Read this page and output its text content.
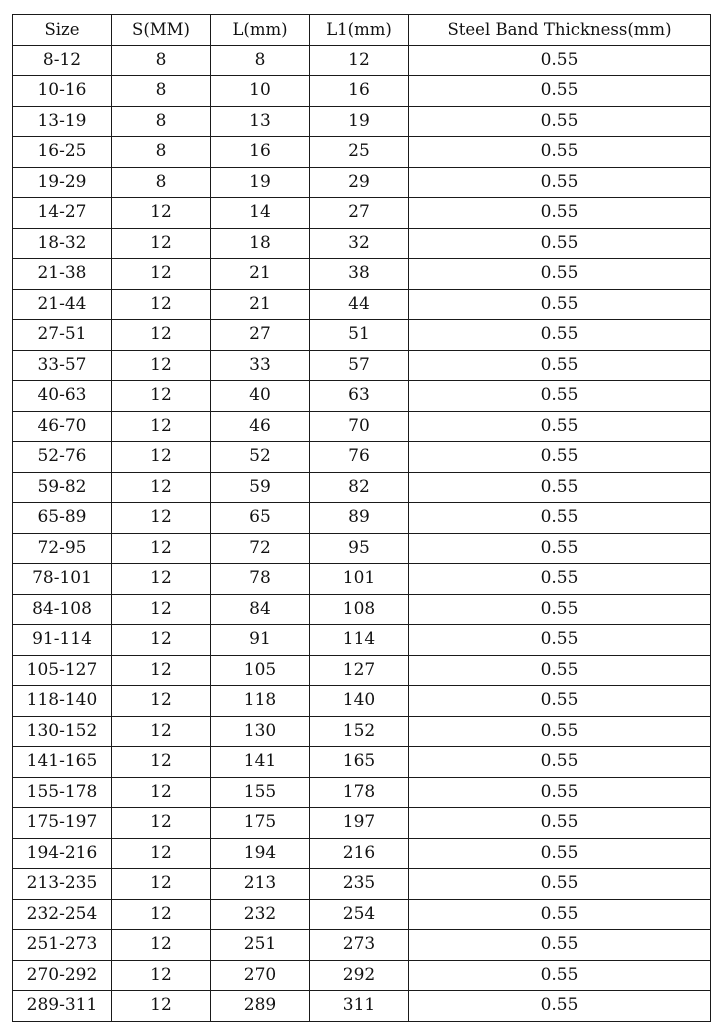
Size	S(MM)	L(mm)	L1(mm)	Steel Band Thickness(mm)
8-12	8	8	12	0.55
10-16	8	10	16	0.55
13-19	8	13	19	0.55
16-25	8	16	25	0.55
19-29	8	19	29	0.55
14-27	12	14	27	0.55
18-32	12	18	32	0.55
21-38	12	21	38	0.55
21-44	12	21	44	0.55
27-51	12	27	51	0.55
33-57	12	33	57	0.55
40-63	12	40	63	0.55
46-70	12	46	70	0.55
52-76	12	52	76	0.55
59-82	12	59	82	0.55
65-89	12	65	89	0.55
72-95	12	72	95	0.55
78-101	12	78	101	0.55
84-108	12	84	108	0.55
91-114	12	91	114	0.55
105-127	12	105	127	0.55
118-140	12	118	140	0.55
130-152	12	130	152	0.55
141-165	12	141	165	0.55
155-178	12	155	178	0.55
175-197	12	175	197	0.55
194-216	12	194	216	0.55
213-235	12	213	235	0.55
232-254	12	232	254	0.55
251-273	12	251	273	0.55
270-292	12	270	292	0.55
289-311	12	289	311	0.55
